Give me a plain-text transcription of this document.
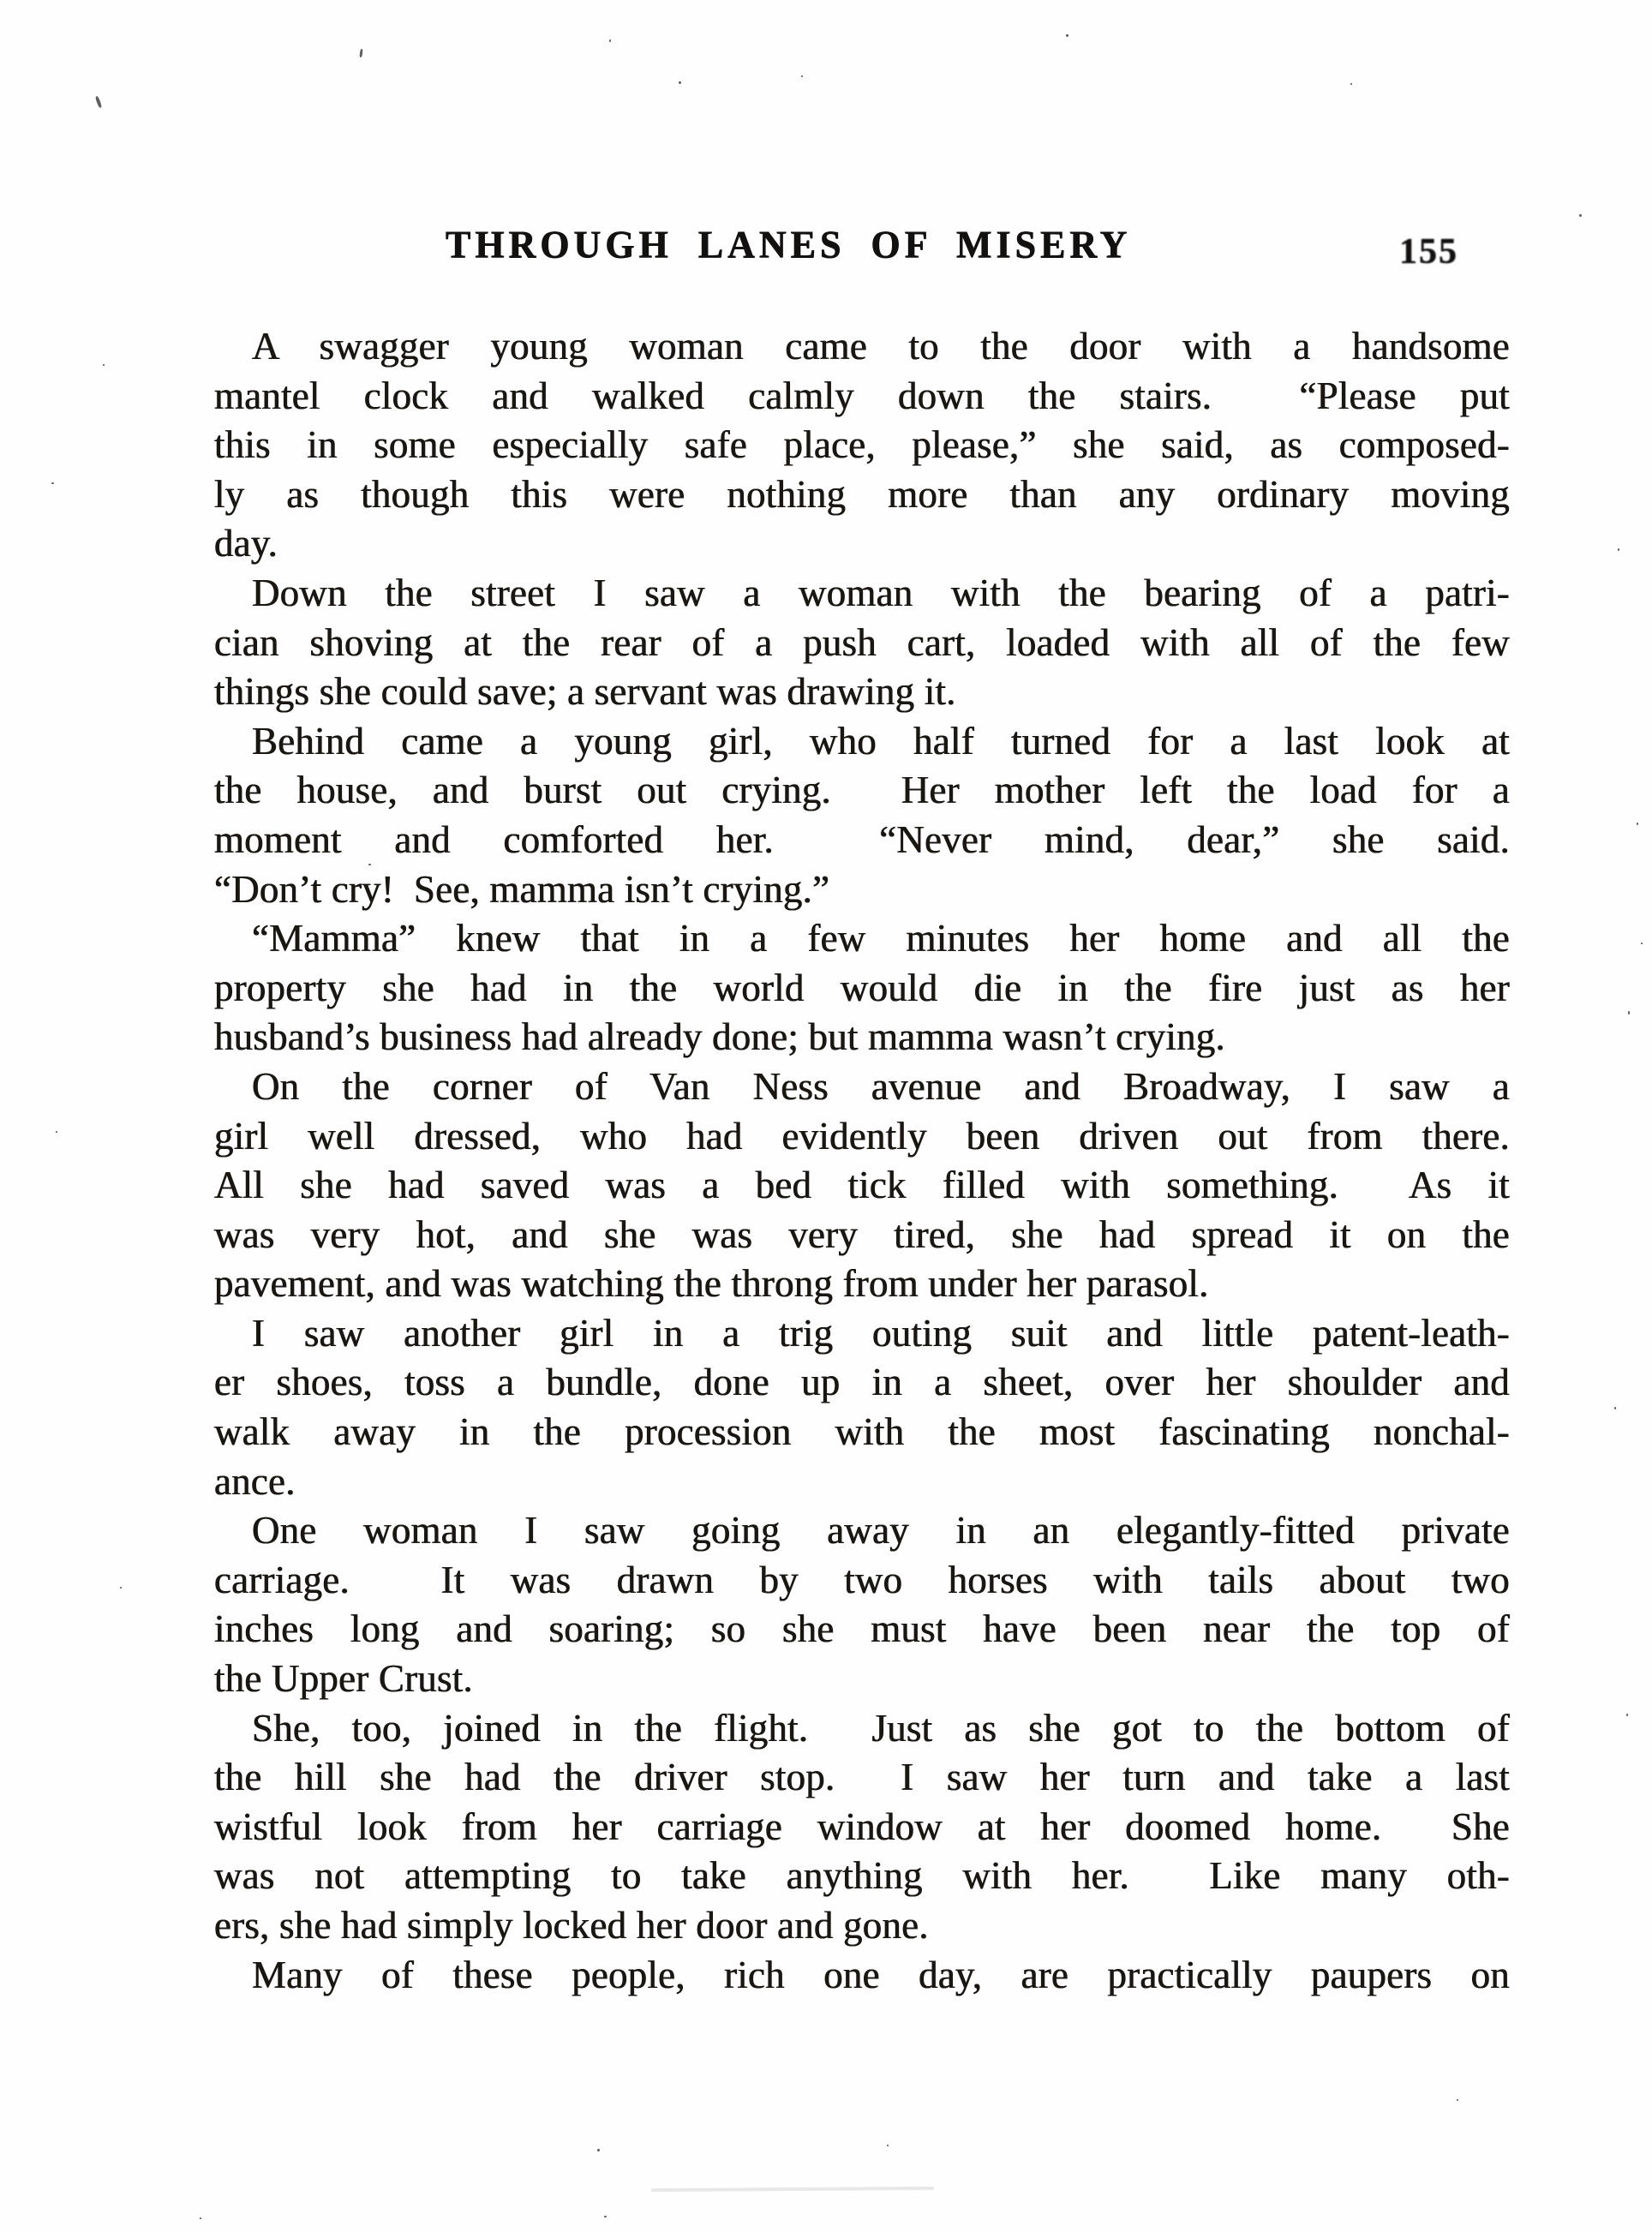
THROUGH LANES OF MISERY	155
A swagger young woman came to the door with a handsome
mantel clock and walked calmly down the stairs.  “Please put
this in some especially safe place, please,” she said, as composed-
ly as though this were nothing more than any ordinary moving
day.
Down the street I saw a woman with the bearing of a patri-
cian shoving at the rear of a push cart, loaded with all of the few
things she could save; a servant was drawing it.
Behind came a young girl, who half turned for a last look at
the house, and burst out crying.  Her mother left the load for a
moment and comforted her.  “Never mind, dear,” she said.
“Don’t cry!  See, mamma isn’t crying.”
“Mamma” knew that in a few minutes her home and all the
property she had in the world would die in the fire just as her
husband’s business had already done; but mamma wasn’t crying.
On the corner of Van Ness avenue and Broadway, I saw a
girl well dressed, who had evidently been driven out from there.
All she had saved was a bed tick filled with something.  As it
was very hot, and she was very tired, she had spread it on the
pavement, and was watching the throng from under her parasol.
I saw another girl in a trig outing suit and little patent-leath-
er shoes, toss a bundle, done up in a sheet, over her shoulder and
walk away in the procession with the most fascinating nonchal-
ance.
One woman I saw going away in an elegantly-fitted private
carriage.  It was drawn by two horses with tails about two
inches long and soaring; so she must have been near the top of
the Upper Crust.
She, too, joined in the flight.  Just as she got to the bottom of
the hill she had the driver stop.  I saw her turn and take a last
wistful look from her carriage window at her doomed home.  She
was not attempting to take anything with her.  Like many oth-
ers, she had simply locked her door and gone.
Many of these people, rich one day, are practically paupers on
